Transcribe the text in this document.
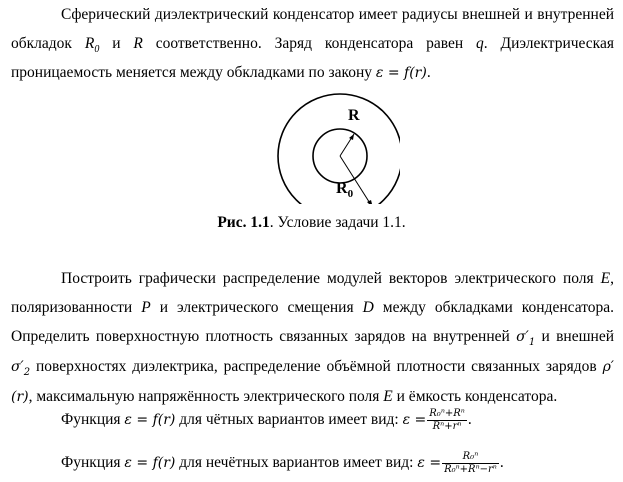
Сферический диэлектрический конденсатор имеет радиусы внешней и внутренней обкладок $R_0$ и R соответственно. Заряд конденсатора равен q. Диэлектрическая проницаемость меняется между обкладками по закону ε = f(r).

R
$R_0$
Рис. 1.1. Условие задачи 1.1.

Построить графически распределение модулей векторов электрического поля E, поляризованности P и электрического смещения D между обкладками конденсатора. Определить поверхностную плотность связанных зарядов на внутренней $\sigma'_1$ и внешней $\sigma'_2$ поверхностях диэлектрика, распределение объёмной плотности связанных зарядов ρ′(r), максимальную напряжённость электрического поля E и ёмкость конденсатора.

Функция ε = f(r) для чётных вариантов имеет вид: $\varepsilon = \frac{\text{R₀ⁿ+Rⁿ}}{\text{Rⁿ+rⁿ}}$ .
Функция ε = f(r) для нечётных вариантов имеет вид: $\varepsilon = \frac{\text{R₀ⁿ}}{\text{R₀ⁿ+Rⁿ−rⁿ}}$ .
